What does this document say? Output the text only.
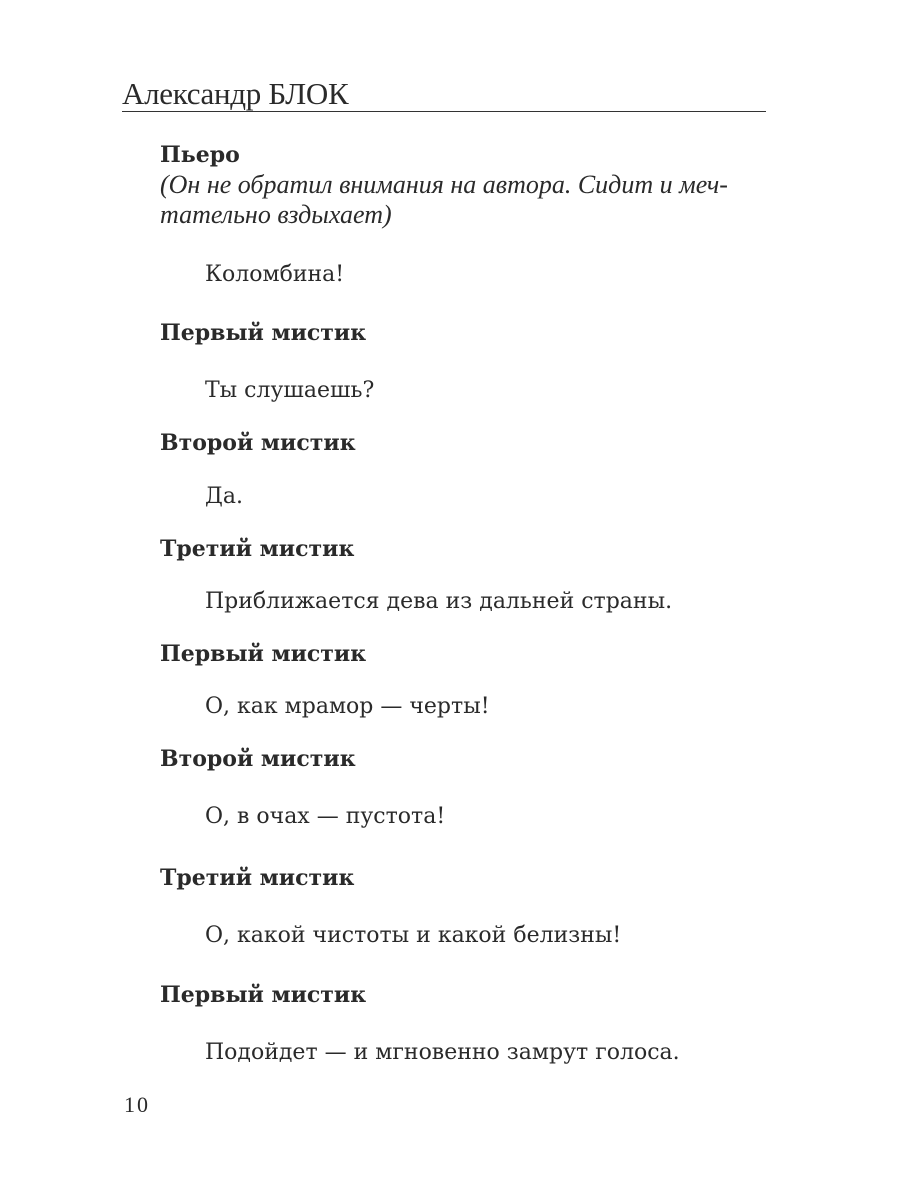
Александр БЛОК
Пьеро
(Он не обратил внимания на автора. Сидит и меч-
тательно вздыхает)
Коломбина!
Первый мистик
Ты слушаешь?
Второй мистик
Да.
Третий мистик
Приближается дева из дальней страны.
Первый мистик
О, как мрамор — черты!
Второй мистик
О, в очах — пустота!
Третий мистик
О, какой чистоты и какой белизны!
Первый мистик
Подойдет — и мгновенно замрут голоса.
10
